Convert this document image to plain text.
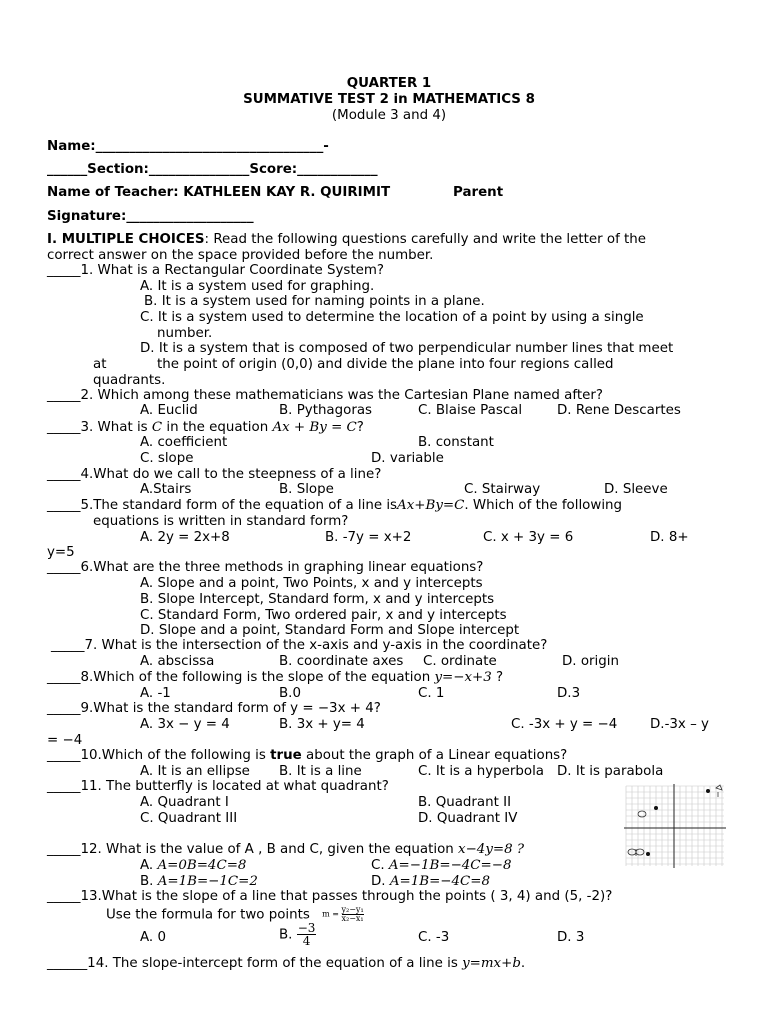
QUARTER 1
SUMMATIVE TEST 2 in MATHEMATICS 8
(Module 3 and 4)
Name:__________________________________-
______Section:_______________Score:____________
Name of Teacher: KATHLEEN KAY R. QUIRIMIT	Parent
Signature:___________________
I. MULTIPLE CHOICES: Read the following questions carefully and write the letter of the
correct answer on the space provided before the number.
_____1. What is a Rectangular Coordinate System?
A. It is a system used for graphing.
B. It is a system used for naming points in a plane.
C. It is a system used to determine the location of a point by using a single
number.
D. It is a system that is composed of two perpendicular number lines that meet
at	the point of origin (0,0) and divide the plane into four regions called
quadrants.
_____2. Which among these mathematicians was the Cartesian Plane named after?
A. Euclid	B. Pythagoras	C. Blaise Pascal	D. Rene Descartes
_____3. What is C in the equation Ax + By = C?
A. coefficient	B. constant
C. slope	D. variable
_____4.What do we call to the steepness of a line?
A.Stairs	B. Slope	C. Stairway	D. Sleeve
_____5.The standard form of the equation of a line isAx+By=C. Which of the following
equations is written in standard form?
A. 2y = 2x+8	B. -7y = x+2	C. x + 3y = 6	D. 8+
y=5
_____6.What are the three methods in graphing linear equations?
A. Slope and a point, Two Points, x and y intercepts
B. Slope Intercept, Standard form, x and y intercepts
C. Standard Form, Two ordered pair, x and y intercepts
D. Slope and a point, Standard Form and Slope intercept
_____7. What is the intersection of the x-axis and y-axis in the coordinate?
A. abscissa	B. coordinate axes C. ordinate	D. origin
_____8.Which of the following is the slope of the equation y=−x+3 ?
A. -1	B.0	C. 1	D.3
_____9.What is the standard form of y = −3x + 4?
A. 3x − y = 4	B. 3x + y= 4	C. -3x + y = −4 D.-3x – y
= −4
_____10.Which of the following is true about the graph of a Linear equations?
A. It is an ellipse B. It is a line	C. It is a hyperbola D. It is parabola
_____11. The butterfly is located at what quadrant?
A. Quadrant I	B. Quadrant II
C. Quadrant III	D. Quadrant IV
_____12. What is the value of A , B and C, given the equation x−4y=8 ?
A. A=0B=4C=8	C. A=−1B=−4C=−8
B. A=1B=−1C=2	D. A=1B=−4C=8
_____13.What is the slope of a line that passes through the points ( 3, 4) and (5, -2)?
Use the formula for two points $m = \frac{\text{y₂−y₁}}{\text{x₂−x₁}}$
A. 0	B. $\frac{-3}{4}$	C. -3	D. 3
______14. The slope-intercept form of the equation of a line is y=mx+b.
